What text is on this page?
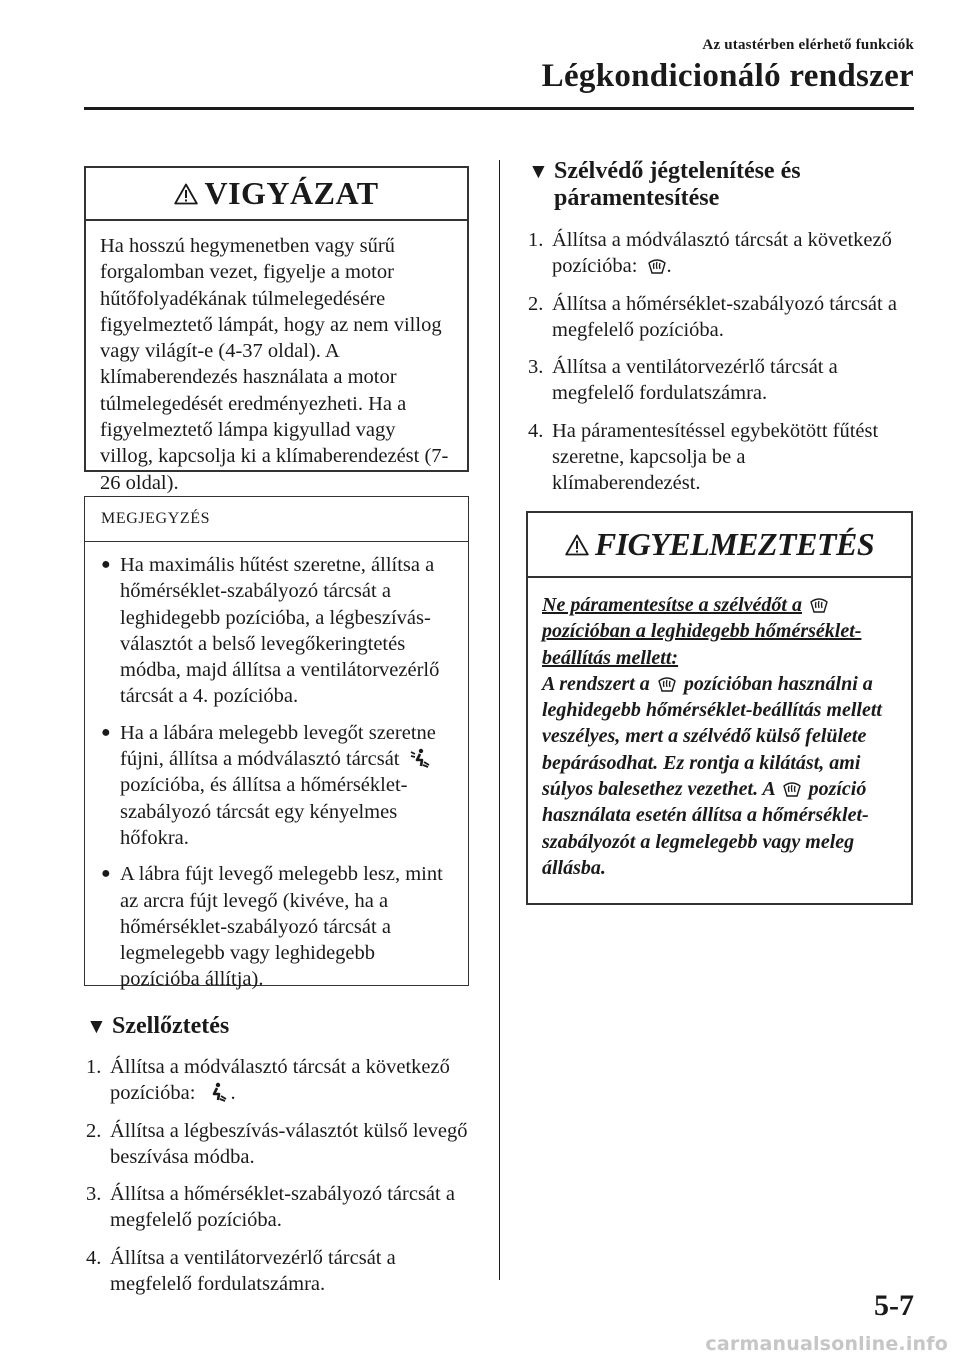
Az utastérben elérhető funkciók
Légkondicionáló rendszer
VIGYÁZAT
Ha hosszú hegymenetben vagy sűrű forgalomban vezet, figyelje a motor hűtőfolyadékának túlmelegedésére figyelmeztető lámpát, hogy az nem villog vagy világít-e (4-37 oldal). A klímaberendezés használata a motor túlmelegedését eredményezheti. Ha a figyelmeztető lámpa kigyullad vagy villog, kapcsolja ki a klímaberendezést (7-26 oldal).
MEGJEGYZÉS
● Ha maximális hűtést szeretne, állítsa a hőmérséklet-szabályozó tárcsát a leghidegebb pozícióba, a légbeszívás-választót a belső levegőkeringtetés módba, majd állítsa a ventilátorvezérlő tárcsát a 4. pozícióba.
● Ha a lábára melegebb levegőt szeretne fújni, állítsa a módválasztó tárcsát  pozícióba, és állítsa a hőmérséklet-szabályozó tárcsát egy kényelmes hőfokra.
● A lábra fújt levegő melegebb lesz, mint az arcra fújt levegő (kivéve, ha a hőmérséklet-szabályozó tárcsát a legmelegebb vagy leghidegebb pozícióba állítja).
▼ Szellőztetés
1. Állítsa a módválasztó tárcsát a következő pozícióba: .
2. Állítsa a légbeszívás-választót külső levegő beszívása módba.
3. Állítsa a hőmérséklet-szabályozó tárcsát a megfelelő pozícióba.
4. Állítsa a ventilátorvezérlő tárcsát a megfelelő fordulatszámra.
▼ Szélvédő jégtelenítése és
páramentesítése
1. Állítsa a módválasztó tárcsát a következő pozícióba: .
2. Állítsa a hőmérséklet-szabályozó tárcsát a megfelelő pozícióba.
3. Állítsa a ventilátorvezérlő tárcsát a megfelelő fordulatszámra.
4. Ha páramentesítéssel egybekötött fűtést szeretne, kapcsolja be a klímaberendezést.
FIGYELMEZTETÉS
Ne páramentesítse a szélvédőt a  pozícióban a leghidegebb hőmérséklet-beállítás mellett:
A rendszert a pozícióban használni a leghidegebb hőmérséklet-beállítás mellett veszélyes, mert a szélvédő külső felülete bepárásodhat. Ez rontja a kilátást, ami súlyos balesethez vezethet. A pozíció használata esetén állítsa a hőmérséklet-szabályozót a legmelegebb vagy meleg állásba.
5-7
carmanualsonline.info
